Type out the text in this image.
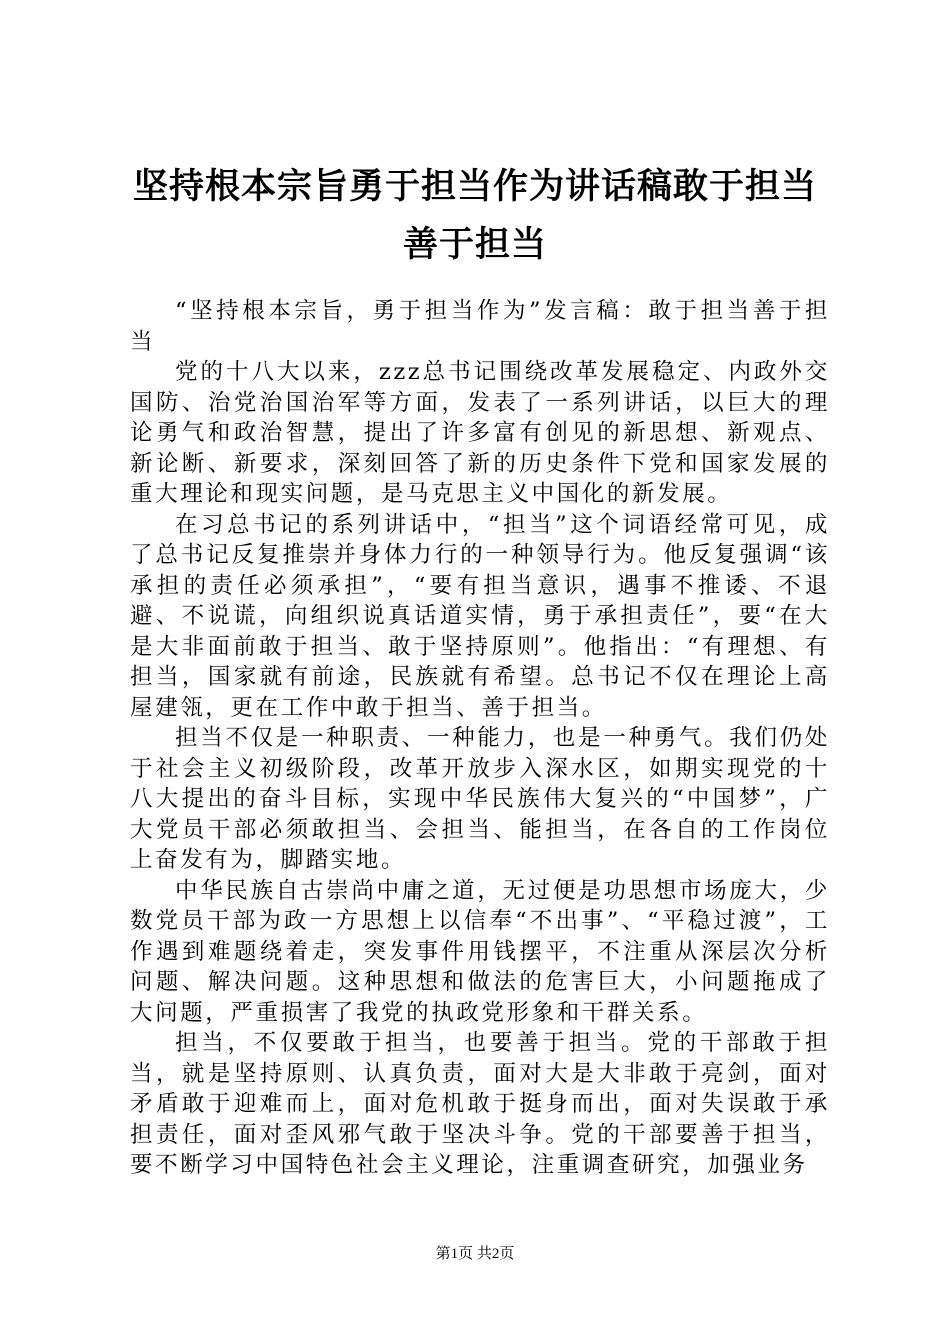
坚持根本宗旨勇于担当作为讲话稿敢于担当善于担当

“坚持根本宗旨，勇于担当作为”发言稿：敢于担当善于担当

党的十八大以来，zzz总书记围绕改革发展稳定、内政外交国防、治党治国治军等方面，发表了一系列讲话，以巨大的理论勇气和政治智慧，提出了许多富有创见的新思想、新观点、新论断、新要求，深刻回答了新的历史条件下党和国家发展的重大理论和现实问题，是马克思主义中国化的新发展。

在习总书记的系列讲话中，“担当”这个词语经常可见，成了总书记反复推崇并身体力行的一种领导行为。他反复强调“该承担的责任必须承担”，“要有担当意识，遇事不推诿、不退避、不说谎，向组织说真话道实情，勇于承担责任”，要“在大是大非面前敢于担当、敢于坚持原则”。他指出：“有理想、有担当，国家就有前途，民族就有希望。总书记不仅在理论上高屋建瓴，更在工作中敢于担当、善于担当。

担当不仅是一种职责、一种能力，也是一种勇气。我们仍处于社会主义初级阶段，改革开放步入深水区，如期实现党的十八大提出的奋斗目标，实现中华民族伟大复兴的“中国梦”，广大党员干部必须敢担当、会担当、能担当，在各自的工作岗位上奋发有为，脚踏实地。

中华民族自古崇尚中庸之道，无过便是功思想市场庞大，少数党员干部为政一方思想上以信奉“不出事”、“平稳过渡”，工作遇到难题绕着走，突发事件用钱摆平，不注重从深层次分析问题、解决问题。这种思想和做法的危害巨大，小问题拖成了大问题，严重损害了我党的执政党形象和干群关系。

担当，不仅要敢于担当，也要善于担当。党的干部敢于担当，就是坚持原则、认真负责，面对大是大非敢于亮剑，面对矛盾敢于迎难而上，面对危机敢于挺身而出，面对失误敢于承担责任，面对歪风邪气敢于坚决斗争。党的干部要善于担当，要不断学习中国特色社会主义理论，注重调查研究，加强业务

第1页 共2页
